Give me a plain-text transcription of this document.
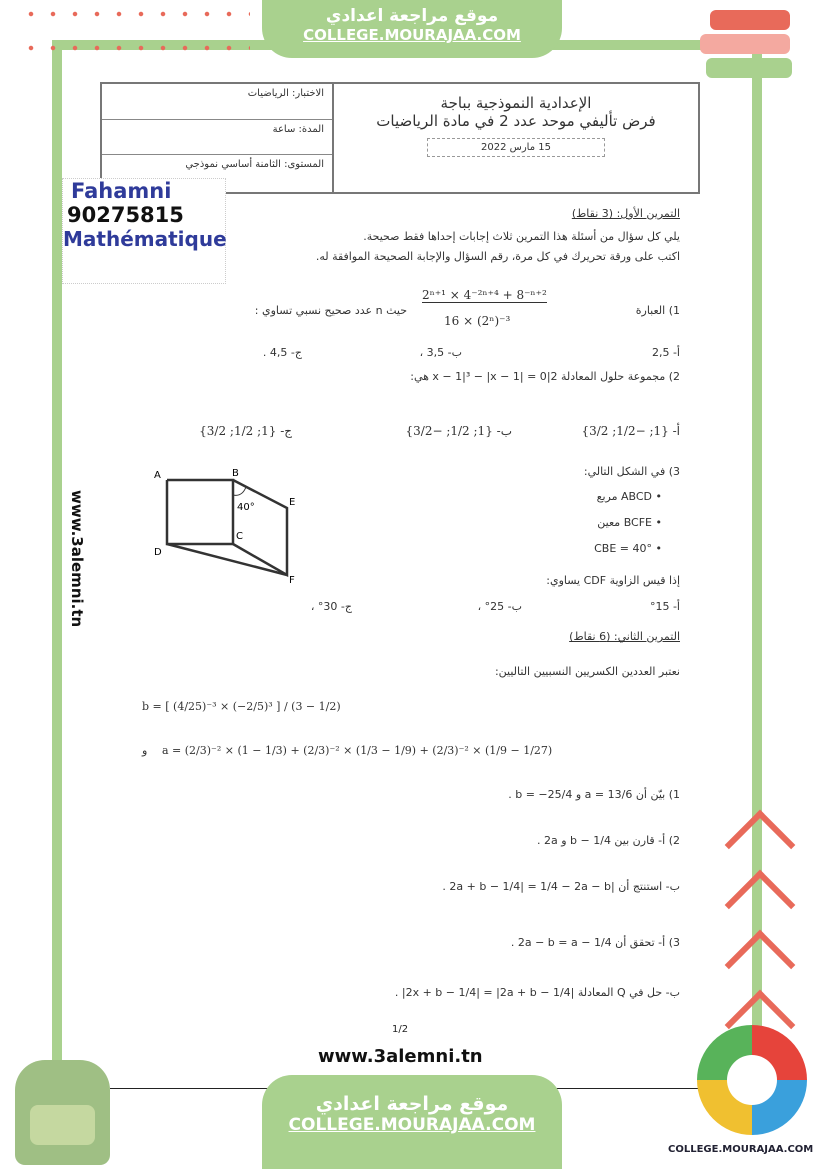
موقع مراجعة اعدادي
COLLEGE.MOURAJAA.COM
الاختبار: الرياضيات
المدة: ساعة
المستوى: الثامنة أساسي نموذجي
الإعدادية النموذجية بباجة
فرض تأليفي موحد عدد 2 في مادة الرياضيات
15 مارس 2022
Fahamni
90275815
Mathématique
التمرين الأول: (3 نقاط)
يلي كل سؤال من أسئلة هذا التمرين ثلاث إجابات إحداها فقط صحيحة.
اكتب على ورقة تحريرك في كل مرة، رقم السؤال والإجابة الصحيحة الموافقة له.
1) العبارة
2ⁿ⁺¹ × 4⁻²ⁿ⁺⁴ + 8⁻ⁿ⁺²
16 × (2ⁿ)⁻³
حيث n عدد صحيح نسبي تساوي :
أ- 2,5
ب- 3,5 ،
ج- 4,5 .
2) مجموعة حلول المعادلة 2|x − 1|³ − |x − 1| = 0 هي:
أ- {1; −1/2; 3/2}
ب- {1; 1/2; −3/2}
ج- {1; 1/2; 3/2}
A	B
C
D
E
F
40°
3) في الشكل التالي:
• ABCD مربع
• BCFE معين
• CBE = 40°
إذا قيس الزاوية CDF يساوي:
أ- 15°
ب- 25° ،
ج- 30° ،
التمرين الثاني: (6 نقاط)
نعتبر العددين الكسريين النسبيين التاليين:
b = [ (4/25)⁻³ × (−2/5)³ ] / (3 − 1/2)
و a = (2/3)⁻² × (1 − 1/3) + (2/3)⁻² × (1/3 − 1/9) + (2/3)⁻² × (1/9 − 1/27)
1) بيّن أن a = 13/6 و b = −25/4 .
2) أ- قارن بين 1/4 − b و 2a .
ب- استنتج أن |2a + b − 1/4| = 1/4 − 2a − b .
3) أ- تحقق أن 1/4 − 2a − b = a .
ب- حل في Q المعادلة |2x + b − 1/4| = |2a + b − 1/4| .
www.3alemni.tn
1/2
www.3alemni.tn
موقع مراجعة اعدادي
COLLEGE.MOURAJAA.COM
COLLEGE.MOURAJAA.COM
